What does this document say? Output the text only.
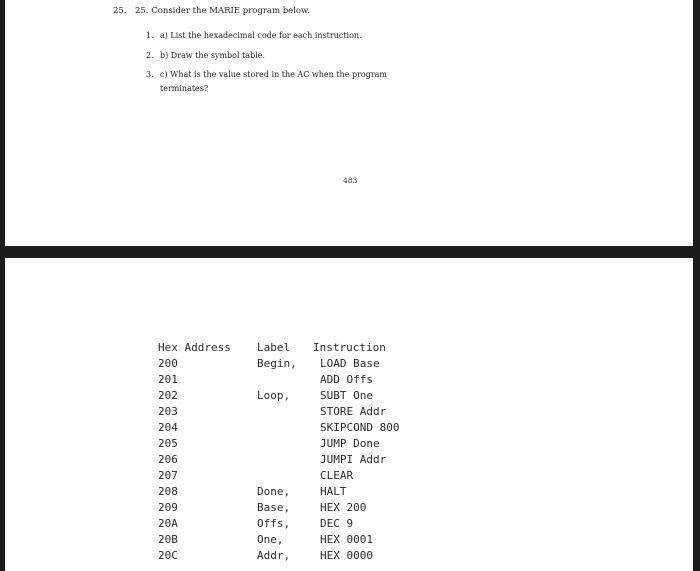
25. 25. Consider the MARIE program below.
1. a) List the hexadecimal code for each instruction.
2. b) Draw the symbol table.
3. c) What is the value stored in the AC when the program
terminates?
483
Hex Address	Label	Instruction
200	Begin,	LOAD Base
201		ADD Offs
202	Loop,	SUBT One
203		STORE Addr
204		SKIPCOND 800
205		JUMP Done
206		JUMPI Addr
207		CLEAR
208	Done,	HALT
209	Base,	HEX 200
20A	Offs,	DEC 9
20B	One,	HEX 0001
20C	Addr,	HEX 0000
